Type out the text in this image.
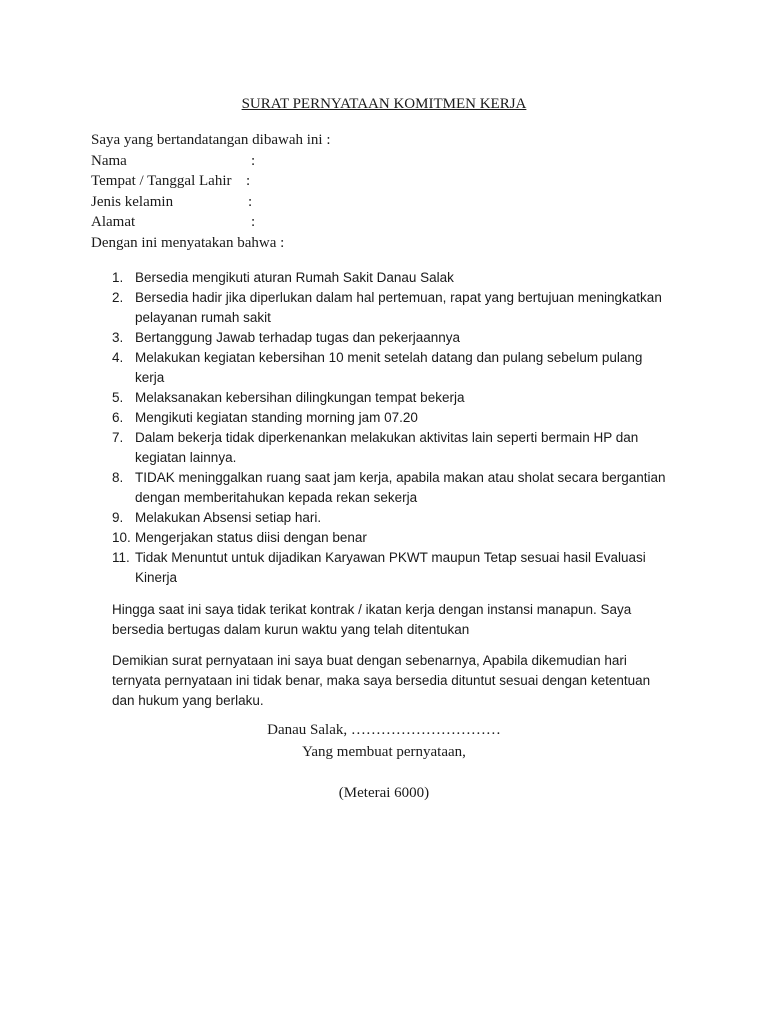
SURAT PERNYATAAN KOMITMEN KERJA
Saya yang bertandatangan dibawah ini :
Nama	:
Tempat / Tanggal Lahir :
Jenis kelamin	:
Alamat	:
Dengan ini menyatakan bahwa :
1. Bersedia mengikuti aturan Rumah Sakit Danau Salak
2. Bersedia hadir jika diperlukan dalam hal pertemuan, rapat yang bertujuan meningkatkan
pelayanan rumah sakit
3. Bertanggung Jawab terhadap tugas dan pekerjaannya
4. Melakukan kegiatan kebersihan 10 menit setelah datang dan pulang sebelum pulang
kerja
5. Melaksanakan kebersihan dilingkungan tempat bekerja
6. Mengikuti kegiatan standing morning jam 07.20
7. Dalam bekerja tidak diperkenankan melakukan aktivitas lain seperti bermain HP dan
kegiatan lainnya.
8. TIDAK meninggalkan ruang saat jam kerja, apabila makan atau sholat secara bergantian
dengan memberitahukan kepada rekan sekerja
9. Melakukan Absensi setiap hari.
10. Mengerjakan status diisi dengan benar
11. Tidak Menuntut untuk dijadikan Karyawan PKWT maupun Tetap sesuai hasil Evaluasi
Kinerja
Hingga saat ini saya tidak terikat kontrak / ikatan kerja dengan instansi manapun. Saya
bersedia bertugas dalam kurun waktu yang telah ditentukan
Demikian surat pernyataan ini saya buat dengan sebenarnya, Apabila dikemudian hari
ternyata pernyataan ini tidak benar, maka saya bersedia dituntut sesuai dengan ketentuan
dan hukum yang berlaku.
Danau Salak, …………………………
Yang membuat pernyataan,
(Meterai 6000)
